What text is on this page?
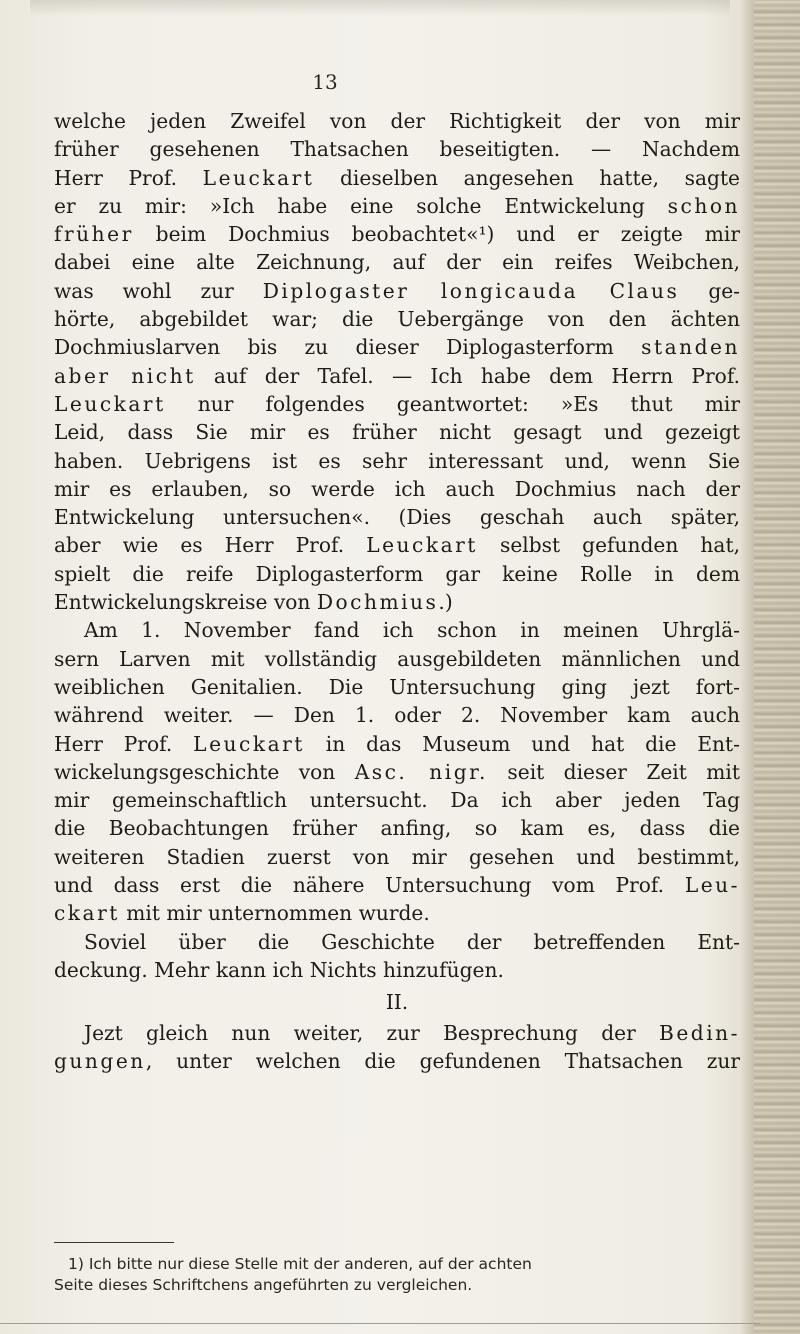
13
welche jeden Zweifel von der Richtigkeit der von mir
früher gesehenen Thatsachen beseitigten. — Nachdem
Herr Prof. Leuckart dieselben angesehen hatte, sagte
er zu mir: »Ich habe eine solche Entwickelung schon
früher beim Dochmius beobachtet«¹) und er zeigte mir
dabei eine alte Zeichnung, auf der ein reifes Weibchen,
was wohl zur Diplogaster longicauda Claus ge-
hörte, abgebildet war; die Uebergänge von den ächten
Dochmiuslarven bis zu dieser Diplogasterform standen
aber nicht auf der Tafel. — Ich habe dem Herrn Prof.
Leuckart nur folgendes geantwortet: »Es thut mir
Leid, dass Sie mir es früher nicht gesagt und gezeigt
haben. Uebrigens ist es sehr interessant und, wenn Sie
mir es erlauben, so werde ich auch Dochmius nach der
Entwickelung untersuchen«. (Dies geschah auch später,
aber wie es Herr Prof. Leuckart selbst gefunden hat,
spielt die reife Diplogasterform gar keine Rolle in dem
Entwickelungskreise von Dochmius.)
Am 1. November fand ich schon in meinen Uhrglä-
sern Larven mit vollständig ausgebildeten männlichen und
weiblichen Genitalien. Die Untersuchung ging jezt fort-
während weiter. — Den 1. oder 2. November kam auch
Herr Prof. Leuckart in das Museum und hat die Ent-
wickelungsgeschichte von Asc. nigr. seit dieser Zeit mit
mir gemeinschaftlich untersucht. Da ich aber jeden Tag
die Beobachtungen früher anfing, so kam es, dass die
weiteren Stadien zuerst von mir gesehen und bestimmt,
und dass erst die nähere Untersuchung vom Prof. Leu-
ckart mit mir unternommen wurde.
Soviel über die Geschichte der betreffenden Ent-
deckung. Mehr kann ich Nichts hinzufügen.
II.
Jezt gleich nun weiter, zur Besprechung der Bedin-
gungen, unter welchen die gefundenen Thatsachen zur
1) Ich bitte nur diese Stelle mit der anderen, auf der achten
Seite dieses Schriftchens angeführten zu vergleichen.
